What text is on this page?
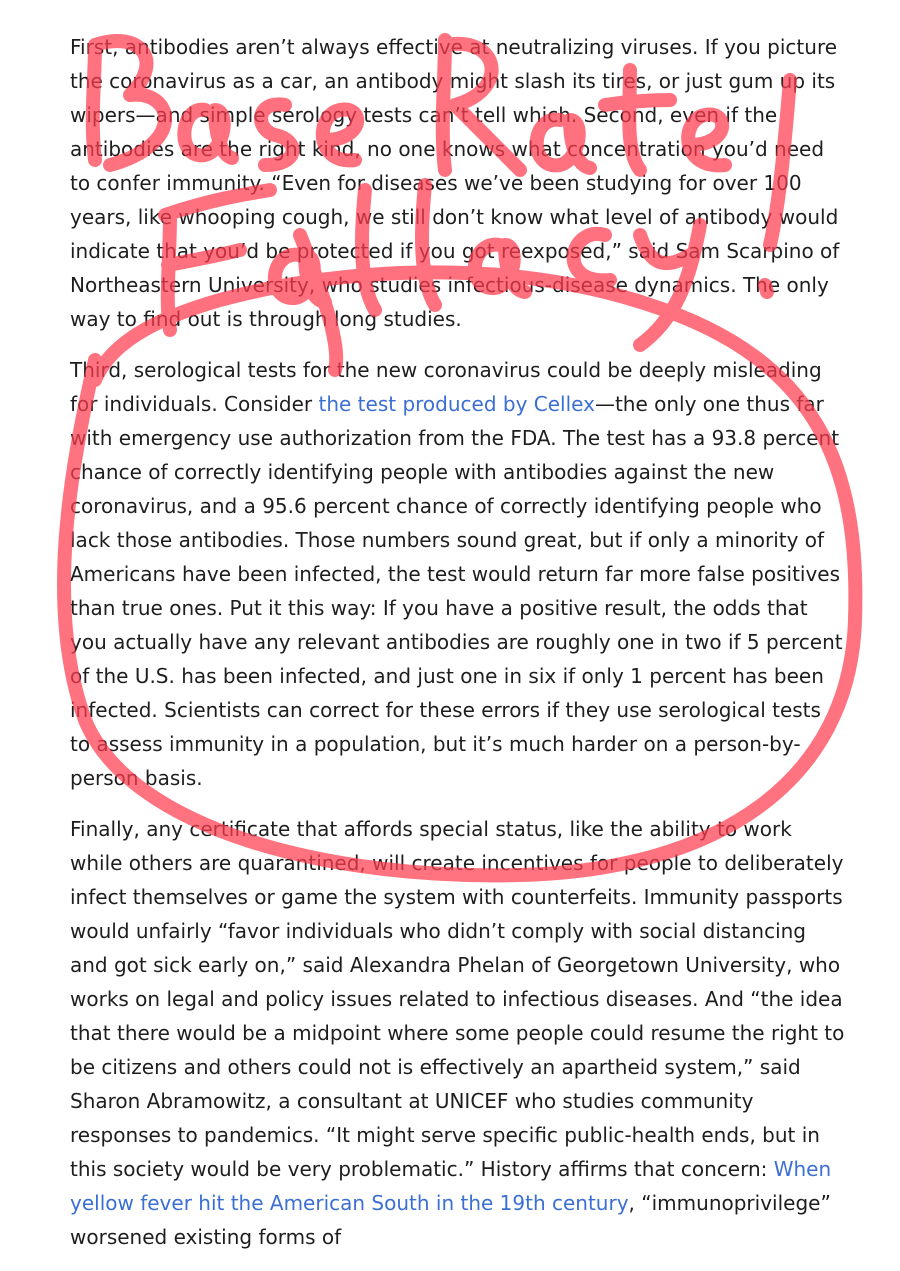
First, antibodies aren’t always effective at neutralizing viruses. If you picture the coronavirus as a car, an antibody might slash its tires, or just gum up its wipers—and simple serology tests can’t tell which. Second, even if the antibodies are the right kind, no one knows what concentration you’d need to confer immunity. “Even for diseases we’ve been studying for over 100 years, like whooping cough, we still don’t know what level of antibody would indicate that you’d be protected if you got reexposed,” said Sam Scarpino of Northeastern University, who studies infectious-disease dynamics. The only way to find out is through long studies.

Third, serological tests for the new coronavirus could be deeply misleading for individuals. Consider the test produced by Cellex—the only one thus far with emergency use authorization from the FDA. The test has a 93.8 percent chance of correctly identifying people with antibodies against the new coronavirus, and a 95.6 percent chance of correctly identifying people who lack those antibodies. Those numbers sound great, but if only a minority of Americans have been infected, the test would return far more false positives than true ones. Put it this way: If you have a positive result, the odds that you actually have any relevant antibodies are roughly one in two if 5 percent of the U.S. has been infected, and just one in six if only 1 percent has been infected. Scientists can correct for these errors if they use serological tests to assess immunity in a population, but it’s much harder on a person-by-person basis.

Finally, any certificate that affords special status, like the ability to work while others are quarantined, will create incentives for people to deliberately infect themselves or game the system with counterfeits. Immunity passports would unfairly “favor individuals who didn’t comply with social distancing and got sick early on,” said Alexandra Phelan of Georgetown University, who works on legal and policy issues related to infectious diseases. And “the idea that there would be a midpoint where some people could resume the right to be citizens and others could not is effectively an apartheid system,” said Sharon Abramowitz, a consultant at UNICEF who studies community responses to pandemics. “It might serve specific public-health ends, but in this society would be very problematic.” History affirms that concern: When yellow fever hit the American South in the 19th century, “immunoprivilege” worsened existing forms of
